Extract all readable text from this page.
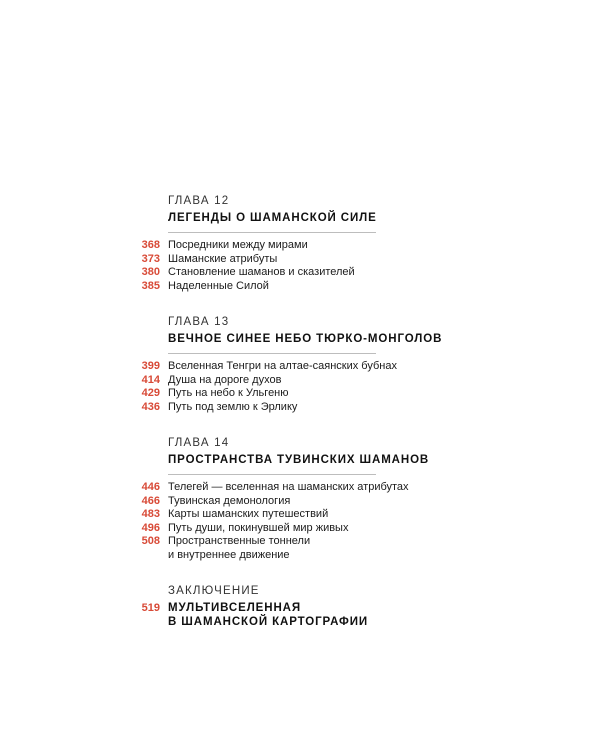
ГЛАВА 12
ЛЕГЕНДЫ О ШАМАНСКОЙ СИЛЕ
368 Посредники между мирами
373 Шаманские атрибуты
380 Становление шаманов и сказителей
385 Наделенные Силой
ГЛАВА 13
ВЕЧНОЕ СИНЕЕ НЕБО ТЮРКО-МОНГОЛОВ
399 Вселенная Тенгри на алтае-саянских бубнах
414 Душа на дороге духов
429 Путь на небо к Ульгеню
436 Путь под землю к Эрлику
ГЛАВА 14
ПРОСТРАНСТВА ТУВИНСКИХ ШАМАНОВ
446 Телегей — вселенная на шаманских атрибутах
466 Тувинская демонология
483 Карты шаманских путешествий
496 Путь души, покинувшей мир живых
508 Пространственные тоннели
и внутреннее движение
ЗАКЛЮЧЕНИЕ
519 МУЛЬТИВСЕЛЕННАЯ
В ШАМАНСКОЙ КАРТОГРАФИИ
